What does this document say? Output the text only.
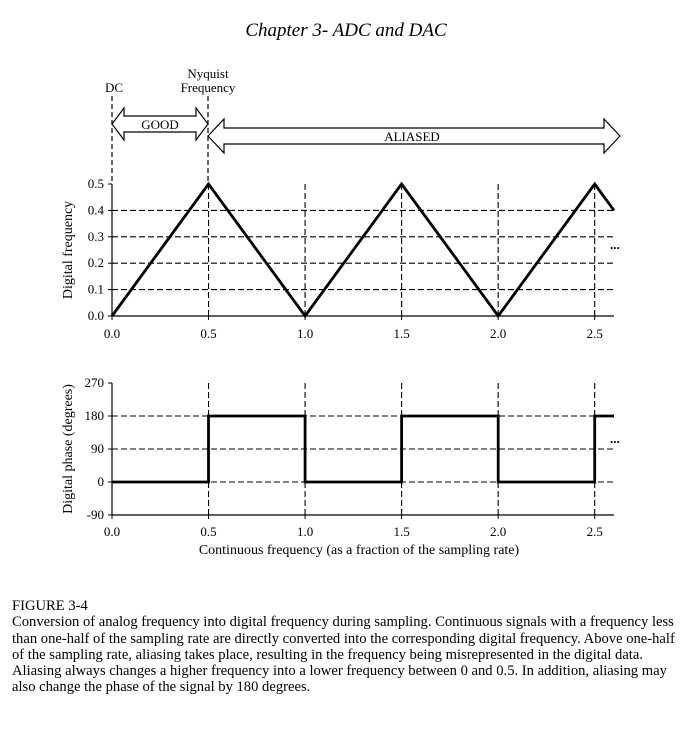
Chapter 3- ADC and DAC
DC
Nyquist
Frequency
GOOD
ALIASED
0.0
0.1
0.2
0.3
0.4
0.5
0.0	0.5	1.0	1.5	2.0	2.5
Digital frequency
-90
0
90
180
270
0.0	0.5	1.0	1.5	2.0	2.5
Digital phase (degrees)
Continuous frequency (as a fraction of the sampling rate)
...
...
FIGURE 3-4
Conversion of analog frequency into digital frequency during sampling. Continuous signals with a frequency less than one-half of the sampling rate are directly converted into the corresponding digital frequency. Above one-half of the sampling rate, aliasing takes place, resulting in the frequency being misrepresented in the digital data. Aliasing always changes a higher frequency into a lower frequency between 0 and 0.5. In addition, aliasing may also change the phase of the signal by 180 degrees.
